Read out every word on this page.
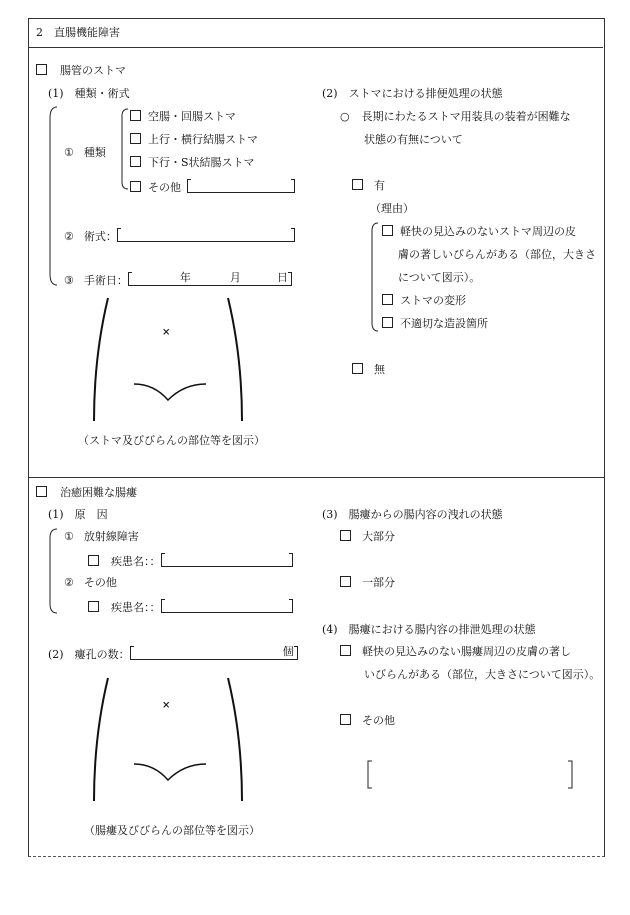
2　直腸機能障害
腸管のストマ
(1)　種類・術式
① 種類
空腸・回腸ストマ
上行・横行結腸ストマ
下行・S状結腸ストマ
その他
② 術式：
③ 手術日：	年	月	日
×
（ストマ及びびらんの部位等を図示）
(2)　ストマにおける排便処理の状態
○ 長期にわたるストマ用装具の装着が困難な
状態の有無について
有
（理由）
軽快の見込みのないストマ周辺の皮
膚の著しいびらんがある（部位，大きさ
について図示）。
ストマの変形
不適切な造設箇所
無
治癒困難な腸瘻
(1)　原　因
① 放射線障害
疾患名：：
② その他
疾患名：：
(2)　瘻孔の数：	個
×
（腸瘻及びびらんの部位等を図示）
(3)　腸瘻からの腸内容の洩れの状態
大部分
一部分
(4)　腸瘻における腸内容の排泄処理の状態
軽快の見込みのない腸瘻周辺の皮膚の著し
いびらんがある（部位，大きさについて図示）。
その他
